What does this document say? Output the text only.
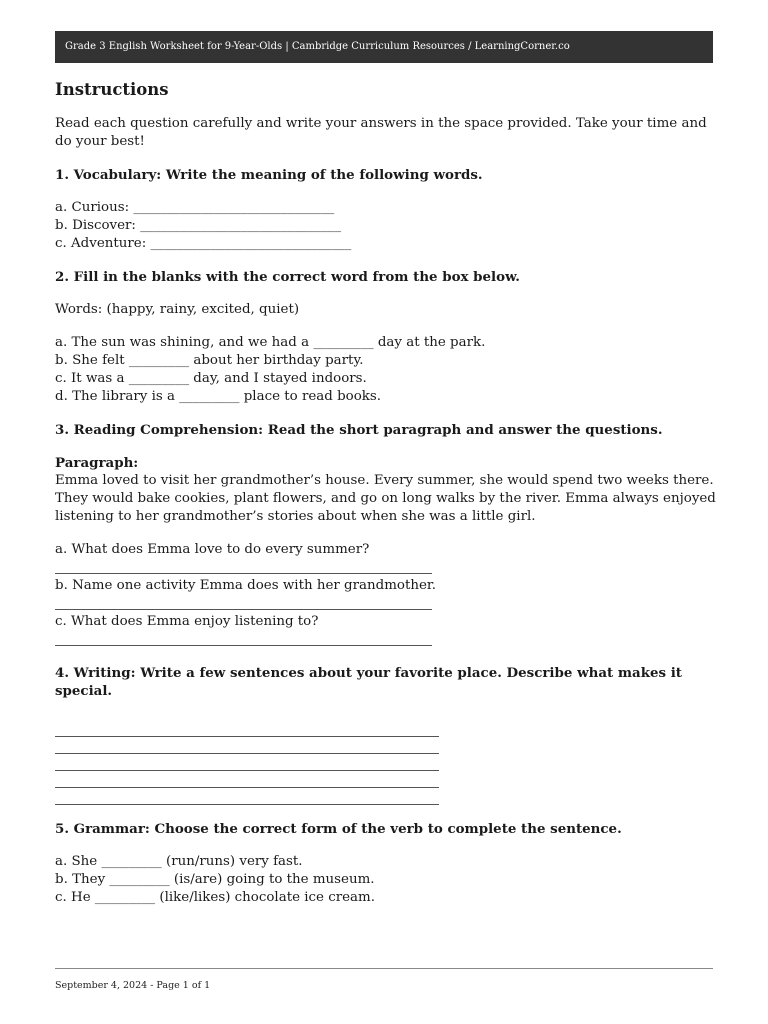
Grade 3 English Worksheet for 9-Year-Olds | Cambridge Curriculum Resources / LearningCorner.co
Instructions

Read each question carefully and write your answers in the space provided. Take your time and do your best!

1. Vocabulary: Write the meaning of the following words.

a. Curious: ______________________________
b. Discover: ______________________________
c. Adventure: ______________________________

2. Fill in the blanks with the correct word from the box below.

Words: (happy, rainy, excited, quiet)

a. The sun was shining, and we had a _________ day at the park.
b. She felt _________ about her birthday party.
c. It was a _________ day, and I stayed indoors.
d. The library is a _________ place to read books.

3. Reading Comprehension: Read the short paragraph and answer the questions.

Paragraph:
Emma loved to visit her grandmother’s house. Every summer, she would spend two weeks there. They would bake cookies, plant flowers, and go on long walks by the river. Emma always enjoyed listening to her grandmother’s stories about when she was a little girl.
a. What does Emma love to do every summer?
b. Name one activity Emma does with her grandmother.
c. What does Emma enjoy listening to?

4. Writing: Write a few sentences about your favorite place. Describe what makes it special.

5. Grammar: Choose the correct form of the verb to complete the sentence.

a. She _________ (run/runs) very fast.
b. They _________ (is/are) going to the museum.
c. He _________ (like/likes) chocolate ice cream.
September 4, 2024 - Page 1 of 1
